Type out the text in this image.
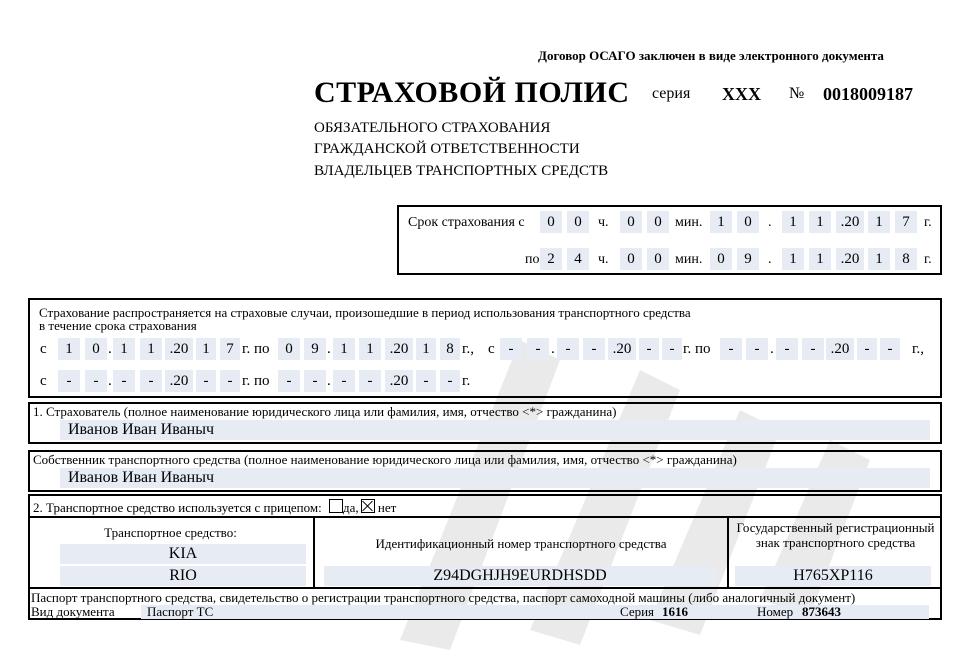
Договор ОСАГО заключен в виде электронного документа
СТРАХОВОЙ ПОЛИС серия XXX № 0018009187
ОБЯЗАТЕЛЬНОГО СТРАХОВАНИЯ
ГРАЖДАНСКОЙ ОТВЕТСТВЕННОСТИ
ВЛАДЕЛЬЦЕВ ТРАНСПОРТНЫХ СРЕДСТВ
Срок страхования с	0	0	ч.	0	0 мин. 1	0	.	1	1	.20	1	7	г.
по 2	4	ч.	0	0 мин. 0	9	.	1	1	.20	1	8	г.
Страхование распространяется на страховые случаи, произошедшие в период использования транспортного средства
в течение срока страхования
с	1	0 . 1	1 .20 1	7 г. по	0	9 . 1	1	.20 1	8 г., с -	- . -	-	.20	-	- г. по	-	- . -	-	.20	-	-	г.,
с	-	- . -	-	.20	-	- г. по	-	- . -	-	.20	-	- г.
1. Страхователь (полное наименование юридического лица или фамилия, имя, отчество <*> гражданина)
Иванов Иван Иваныч
Собственник транспортного средства (полное наименование юридического лица или фамилия, имя, отчество <*> гражданина)
Иванов Иван Иваныч
2. Транспортное средство используется с прицепом: да, нет
Транспортное средство:
KIA
RIO
Идентификационный номер транспортного средства
Z94DGHJH9EURDHSDD
Государственный регистрационный
знак транспортного средства
Н765ХР116
Паспорт транспортного средства, свидетельство о регистрации транспортного средства, паспорт самоходной машины (либо аналогичный документ)
Вид документа Паспорт ТС	Серия 1616	Номер 873643
